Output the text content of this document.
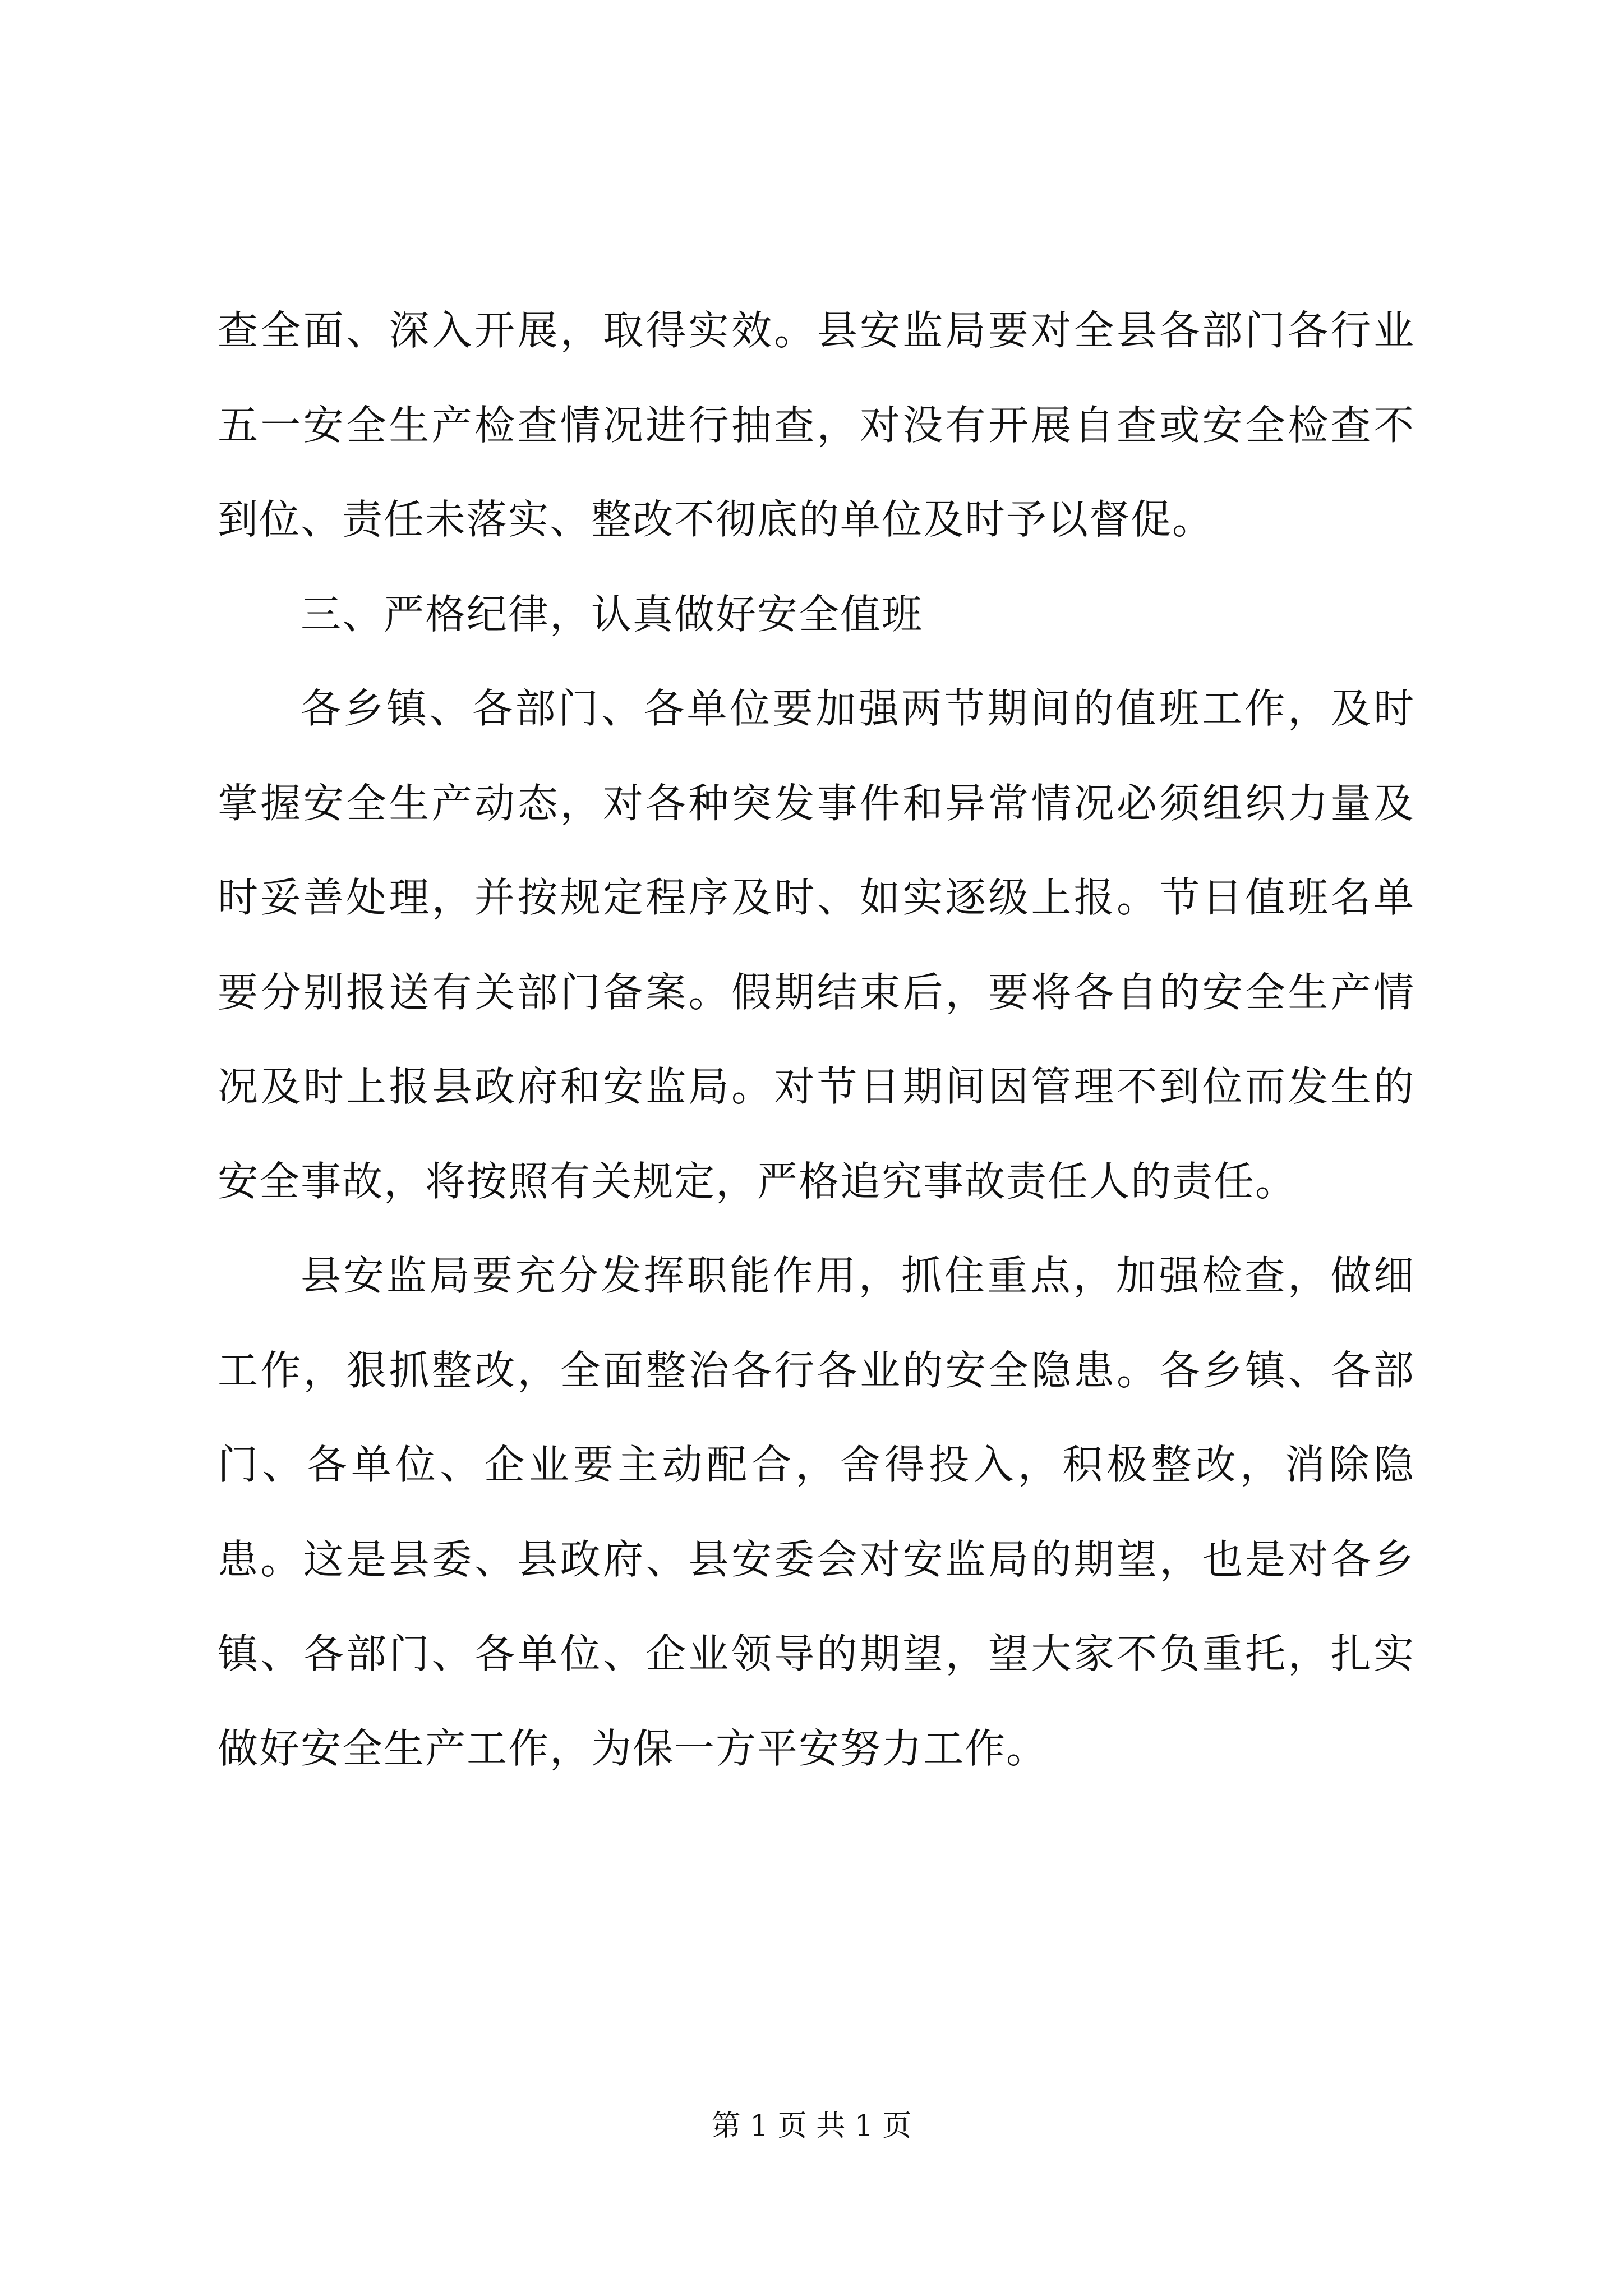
查全面、深入开展，取得实效。县安监局要对全县各部门各行业五一安全生产检查情况进行抽查，对没有开展自查或安全检查不到位、责任未落实、整改不彻底的单位及时予以督促。

三、严格纪律，认真做好安全值班

各乡镇、各部门、各单位要加强两节期间的值班工作，及时掌握安全生产动态，对各种突发事件和异常情况必须组织力量及时妥善处理，并按规定程序及时、如实逐级上报。节日值班名单要分别报送有关部门备案。假期结束后，要将各自的安全生产情况及时上报县政府和安监局。对节日期间因管理不到位而发生的安全事故，将按照有关规定，严格追究事故责任人的责任。

县安监局要充分发挥职能作用，抓住重点，加强检查，做细工作，狠抓整改，全面整治各行各业的安全隐患。各乡镇、各部门、各单位、企业要主动配合，舍得投入，积极整改，消除隐患。这是县委、县政府、县安委会对安监局的期望，也是对各乡镇、各部门、各单位、企业领导的期望，望大家不负重托，扎实做好安全生产工作，为保一方平安努力工作。

第 1 页 共 1 页
